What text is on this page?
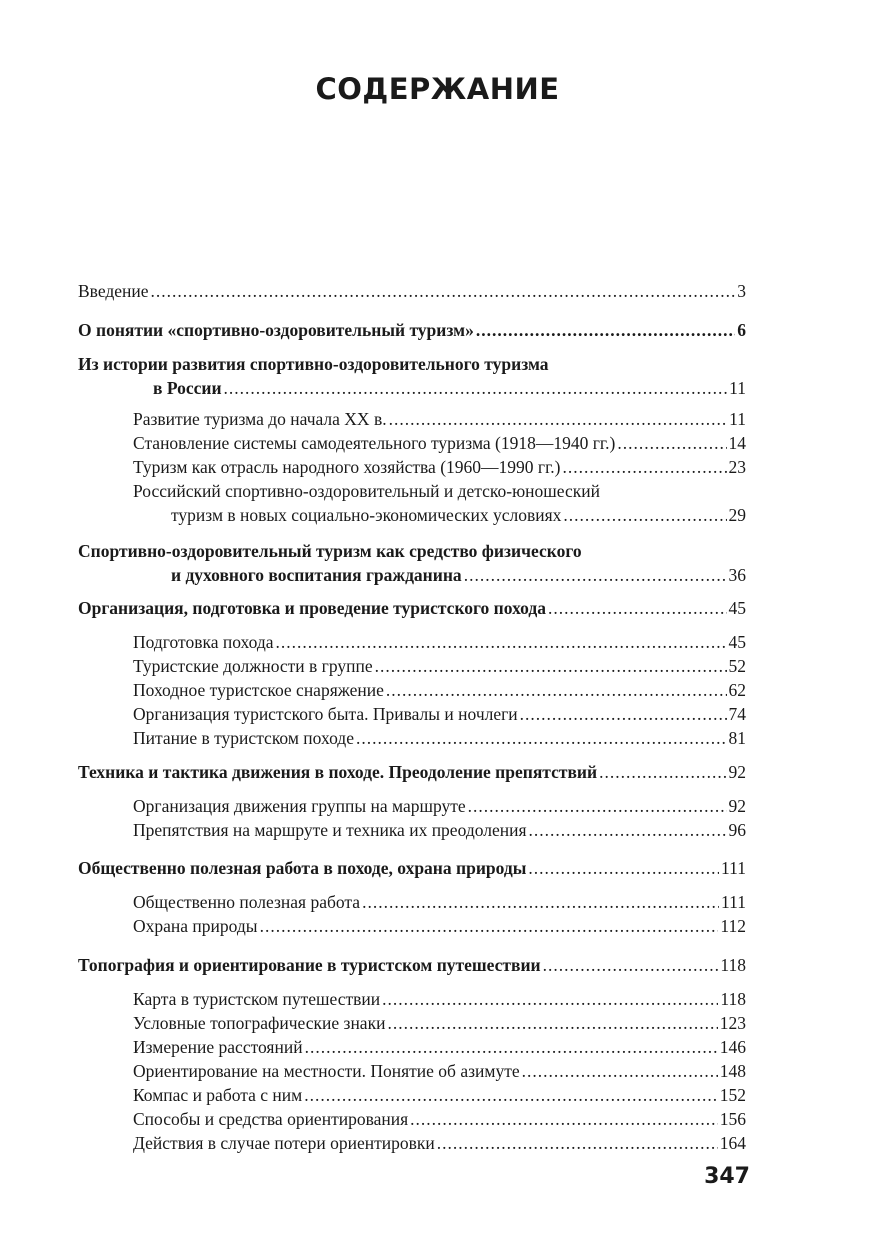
СОДЕРЖАНИЕ
Введение .....	3
О понятии «спортивно-оздоровительный туризм» .....	6
Из истории развития спортивно-оздоровительного туризма
в России .....	11
Развитие туризма до начала XX в. .....	11
Становление системы самодеятельного туризма (1918—1940 гг.) .....	14
Туризм как отрасль народного хозяйства (1960—1990 гг.) .....	23
Российский спортивно-оздоровительный и детско-юношеский
туризм в новых социально-экономических условиях .....	29
Спортивно-оздоровительный туризм как средство физического
и духовного воспитания гражданина .....	36
Организация, подготовка и проведение туристского похода .....	45
Подготовка похода .....	45
Туристские должности в группе .....	52
Походное туристское снаряжение .....	62
Организация туристского быта. Привалы и ночлеги .....	74
Питание в туристском походе .....	81
Техника и тактика движения в походе. Преодоление препятствий .....	92
Организация движения группы на маршруте .....	92
Препятствия на маршруте и техника их преодоления .....	96
Общественно полезная работа в походе, охрана природы .....	111
Общественно полезная работа .....	111
Охрана природы .....	112
Топография и ориентирование в туристском путешествии .....	118
Карта в туристском путешествии .....	118
Условные топографические знаки .....	123
Измерение расстояний .....	146
Ориентирование на местности. Понятие об азимуте .....	148
Компас и работа с ним .....	152
Способы и средства ориентирования .....	156
Действия в случае потери ориентировки .....	164
347
